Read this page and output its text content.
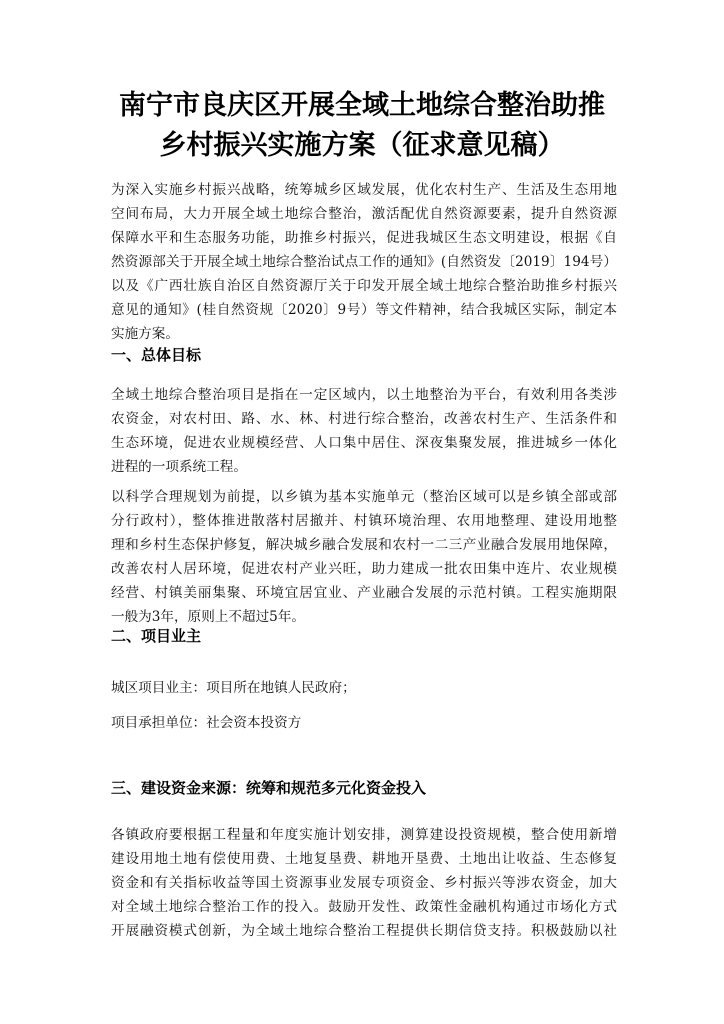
南宁市良庆区开展全域土地综合整治助推
乡村振兴实施方案（征求意见稿）
为深入实施乡村振兴战略，统筹城乡区域发展，优化农村生产、生活及生态用地
空间布局，大力开展全域土地综合整治，激活配优自然资源要素，提升自然资源
保障水平和生态服务功能，助推乡村振兴，促进我城区生态文明建设，根据《自
然资源部关于开展全域土地综合整治试点工作的通知》(自然资发〔2019〕194号）
以及《广西壮族自治区自然资源厅关于印发开展全域土地综合整治助推乡村振兴
意见的通知》(桂自然资规〔2020〕9号）等文件精神，结合我城区实际，制定本
实施方案。
一、总体目标
全域土地综合整治项目是指在一定区域内，以土地整治为平台，有效利用各类涉
农资金，对农村田、路、水、林、村进行综合整治，改善农村生产、生活条件和
生态环境，促进农业规模经营、人口集中居住、深夜集聚发展，推进城乡一体化
进程的一项系统工程。
以科学合理规划为前提，以乡镇为基本实施单元（整治区域可以是乡镇全部或部
分行政村），整体推进散落村居撤并、村镇环境治理、农用地整理、建设用地整
理和乡村生态保护修复，解决城乡融合发展和农村一二三产业融合发展用地保障，
改善农村人居环境，促进农村产业兴旺，助力建成一批农田集中连片、农业规模
经营、村镇美丽集聚、环境宜居宜业、产业融合发展的示范村镇。工程实施期限
一般为3年，原则上不超过5年。
二、项目业主
城区项目业主：项目所在地镇人民政府；
项目承担单位：社会资本投资方
三、建设资金来源：统筹和规范多元化资金投入
各镇政府要根据工程量和年度实施计划安排，测算建设投资规模，整合使用新增
建设用地土地有偿使用费、土地复垦费、耕地开垦费、土地出让收益、生态修复
资金和有关指标收益等国土资源事业发展专项资金、乡村振兴等涉农资金，加大
对全域土地综合整治工作的投入。鼓励开发性、政策性金融机构通过市场化方式
开展融资模式创新，为全域土地综合整治工程提供长期信贷支持。积极鼓励以社
